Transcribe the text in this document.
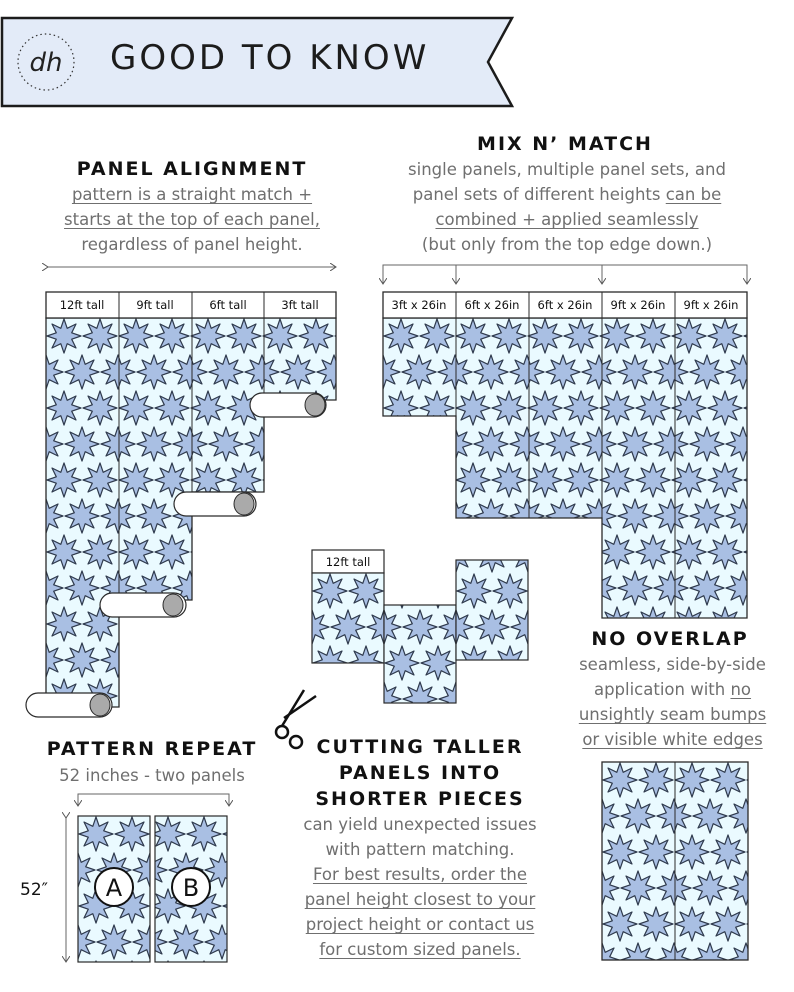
dh GOOD TO KNOW
PANEL ALIGNMENT
pattern is a straight match +
starts at the top of each panel,
regardless of panel height.
MIX N’ MATCH
single panels, multiple panel sets, and
panel sets of different heights can be
combined + applied seamlessly
(but only from the top edge down.)
CUTTING TALLER
PANELS INTO
SHORTER PIECES
can yield unexpected issues
with pattern matching.
For best results, order the
panel height closest to your
project height or contact us
for custom sized panels.
NO OVERLAP
seamless, side-by-side
application with no
unsightly seam bumps
or visible white edges
PATTERN REPEAT
52 inches - two panels
12ft tall	9ft tall	6ft tall	3ft tall	3ft x 26in 6ft x 26in 6ft x 26in 9ft x 26in 9ft x 26in
12ft tall
52″ A	B
